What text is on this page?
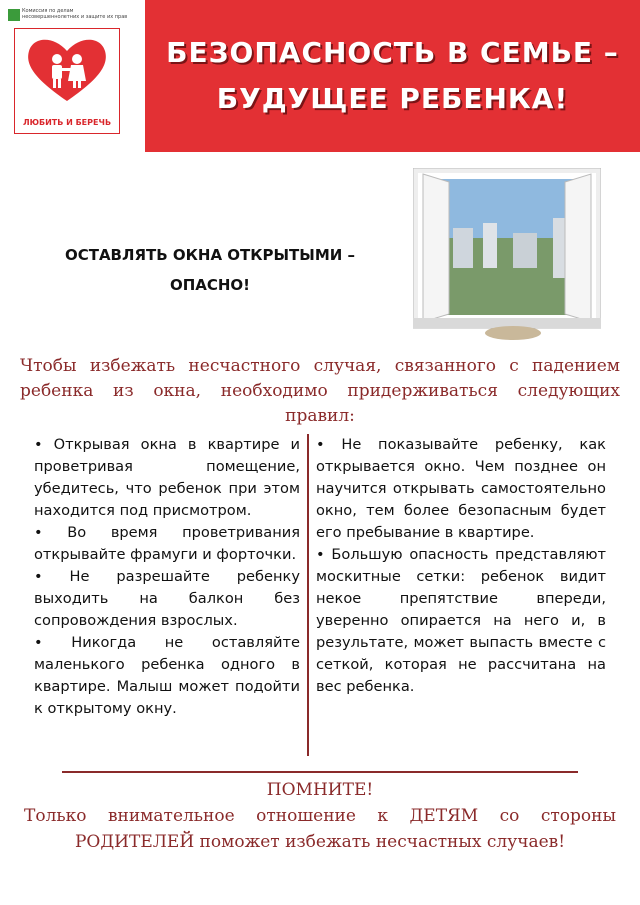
Комиссия по делам несовершеннолетних и защите их прав
ЛЮБИТЬ И БЕРЕЧЬ
БЕЗОПАСНОСТЬ В СЕМЬЕ –
БУДУЩЕЕ РЕБЕНКА!
ОСТАВЛЯТЬ ОКНА ОТКРЫТЫМИ –
ОПАСНО!
Чтобы избежать несчастного случая, связанного с падением ребенка из окна, необходимо придерживаться следующих правил:

• Открывая окна в квартире и проветривая помещение, убедитесь, что ребенок при этом находится под присмотром.

• Во время проветривания открывайте фрамуги и форточки.

• Не разрешайте ребенку выходить на балкон без сопровождения взрослых.

• Никогда не оставляйте маленького ребенка одного в квартире. Малыш может подойти к открытому окну.

• Не показывайте ребенку, как открывается окно. Чем позднее он научится открывать самостоятельно окно, тем более безопасным будет его пребывание в квартире.

• Большую опасность представляют москитные сетки: ребенок видит некое препятствие впереди, уверенно опирается на него и, в результате, может выпасть вместе с сеткой, которая не рассчитана на вес ребенка.

ПОМНИТЕ!
Только внимательное отношение к ДЕТЯМ со стороны РОДИТЕЛЕЙ поможет избежать несчастных случаев!
